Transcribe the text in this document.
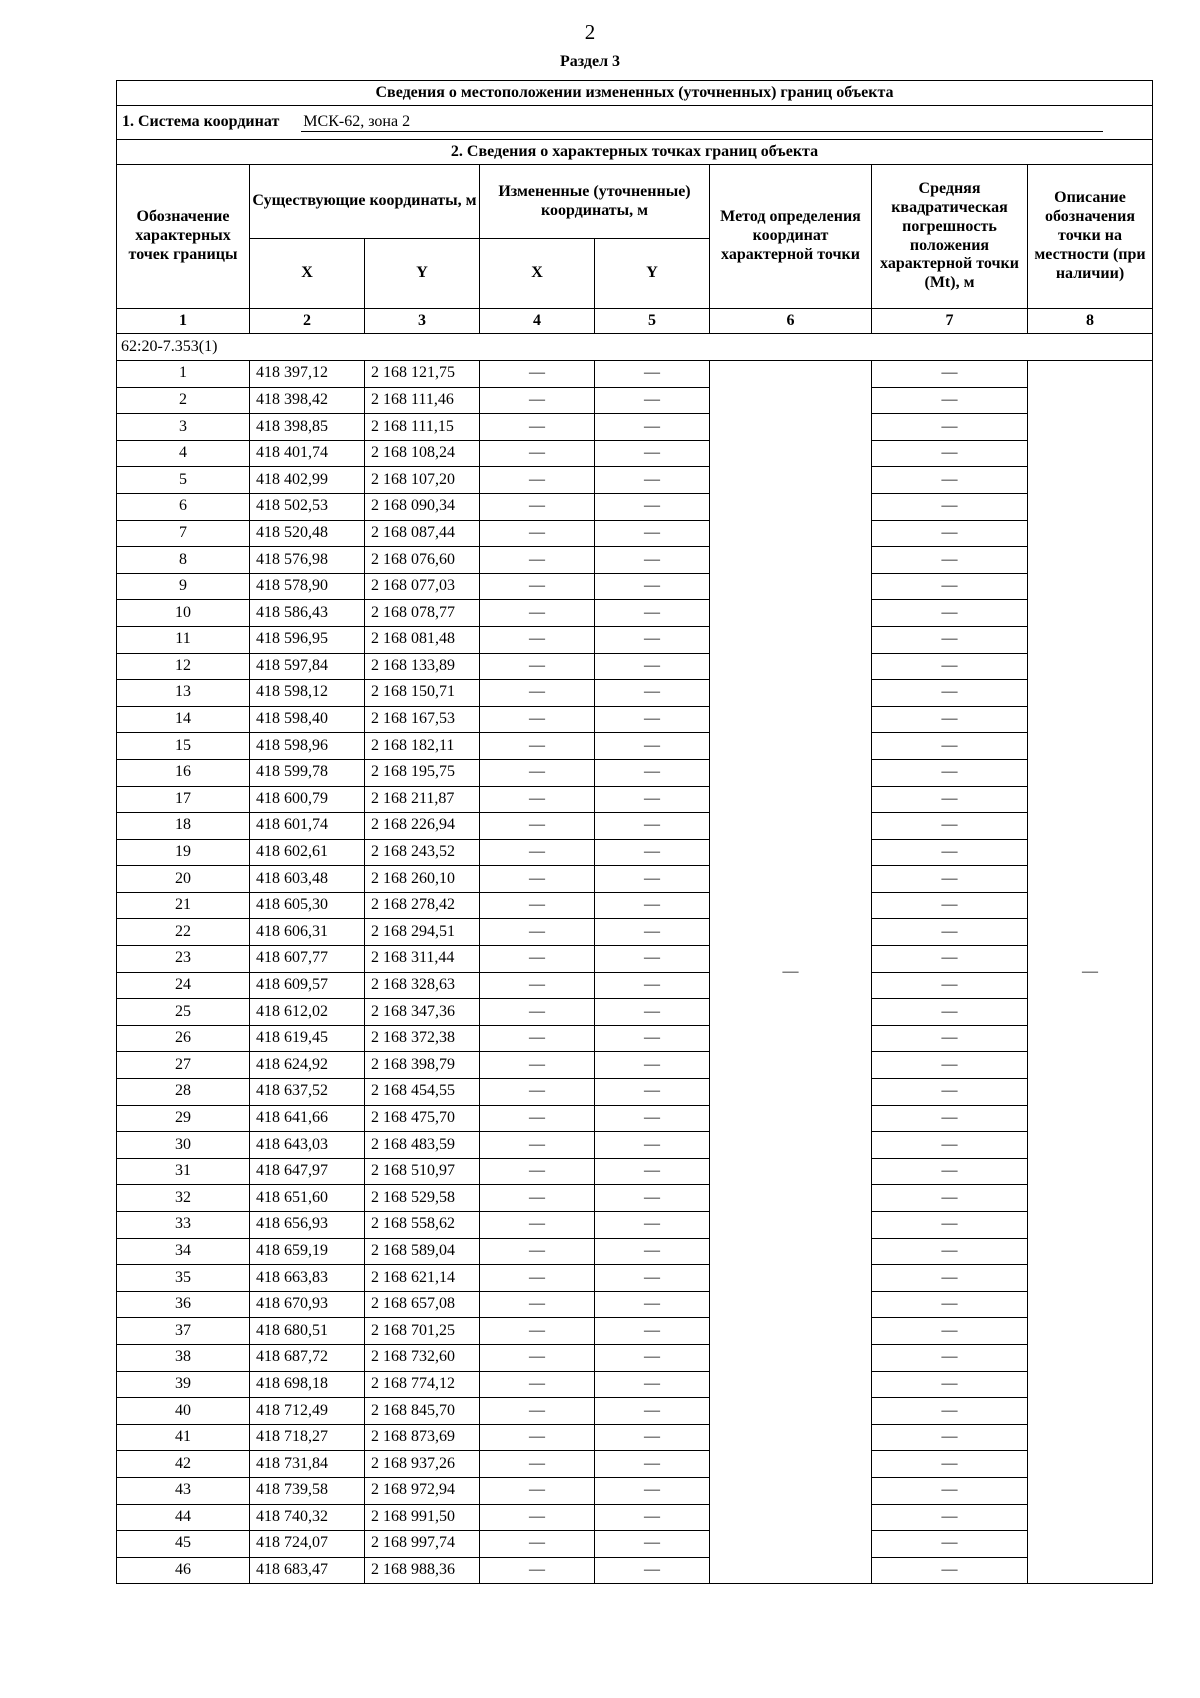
2
Раздел 3
Сведения о местоположении измененных (уточненных) границ объекта							
1. Система координат МСК-62, зона 2							
2. Сведения о характерных точках границ объекта							
Обозначение характерных точек границы	Существующие координаты, м		Измененные (уточненные) координаты, м		Метод определения координат характерной точки	Средняя квадратическая погрешность положения характерной точки (Mt), м	Описание обозначения точки на местности (при наличии)
	X	Y	X	Y			
1	2	3	4	5	6	7	8
62:20-7.353(1)							
1	418 397,12	2 168 121,75	—	—	—	—	—
2	418 398,42	2 168 111,46	—	—		—	
3	418 398,85	2 168 111,15	—	—		—	
4	418 401,74	2 168 108,24	—	—		—	
5	418 402,99	2 168 107,20	—	—		—	
6	418 502,53	2 168 090,34	—	—		—	
7	418 520,48	2 168 087,44	—	—		—	
8	418 576,98	2 168 076,60	—	—		—	
9	418 578,90	2 168 077,03	—	—		—	
10	418 586,43	2 168 078,77	—	—		—	
11	418 596,95	2 168 081,48	—	—		—	
12	418 597,84	2 168 133,89	—	—		—	
13	418 598,12	2 168 150,71	—	—		—	
14	418 598,40	2 168 167,53	—	—		—	
15	418 598,96	2 168 182,11	—	—		—	
16	418 599,78	2 168 195,75	—	—		—	
17	418 600,79	2 168 211,87	—	—		—	
18	418 601,74	2 168 226,94	—	—		—	
19	418 602,61	2 168 243,52	—	—		—	
20	418 603,48	2 168 260,10	—	—		—	
21	418 605,30	2 168 278,42	—	—		—	
22	418 606,31	2 168 294,51	—	—		—	
23	418 607,77	2 168 311,44	—	—		—	
24	418 609,57	2 168 328,63	—	—		—	
25	418 612,02	2 168 347,36	—	—		—	
26	418 619,45	2 168 372,38	—	—		—	
27	418 624,92	2 168 398,79	—	—		—	
28	418 637,52	2 168 454,55	—	—		—	
29	418 641,66	2 168 475,70	—	—		—	
30	418 643,03	2 168 483,59	—	—		—	
31	418 647,97	2 168 510,97	—	—		—	
32	418 651,60	2 168 529,58	—	—		—	
33	418 656,93	2 168 558,62	—	—		—	
34	418 659,19	2 168 589,04	—	—		—	
35	418 663,83	2 168 621,14	—	—		—	
36	418 670,93	2 168 657,08	—	—		—	
37	418 680,51	2 168 701,25	—	—		—	
38	418 687,72	2 168 732,60	—	—		—	
39	418 698,18	2 168 774,12	—	—		—	
40	418 712,49	2 168 845,70	—	—		—	
41	418 718,27	2 168 873,69	—	—		—	
42	418 731,84	2 168 937,26	—	—		—	
43	418 739,58	2 168 972,94	—	—		—	
44	418 740,32	2 168 991,50	—	—		—	
45	418 724,07	2 168 997,74	—	—		—	
46	418 683,47	2 168 988,36	—	—		—	
